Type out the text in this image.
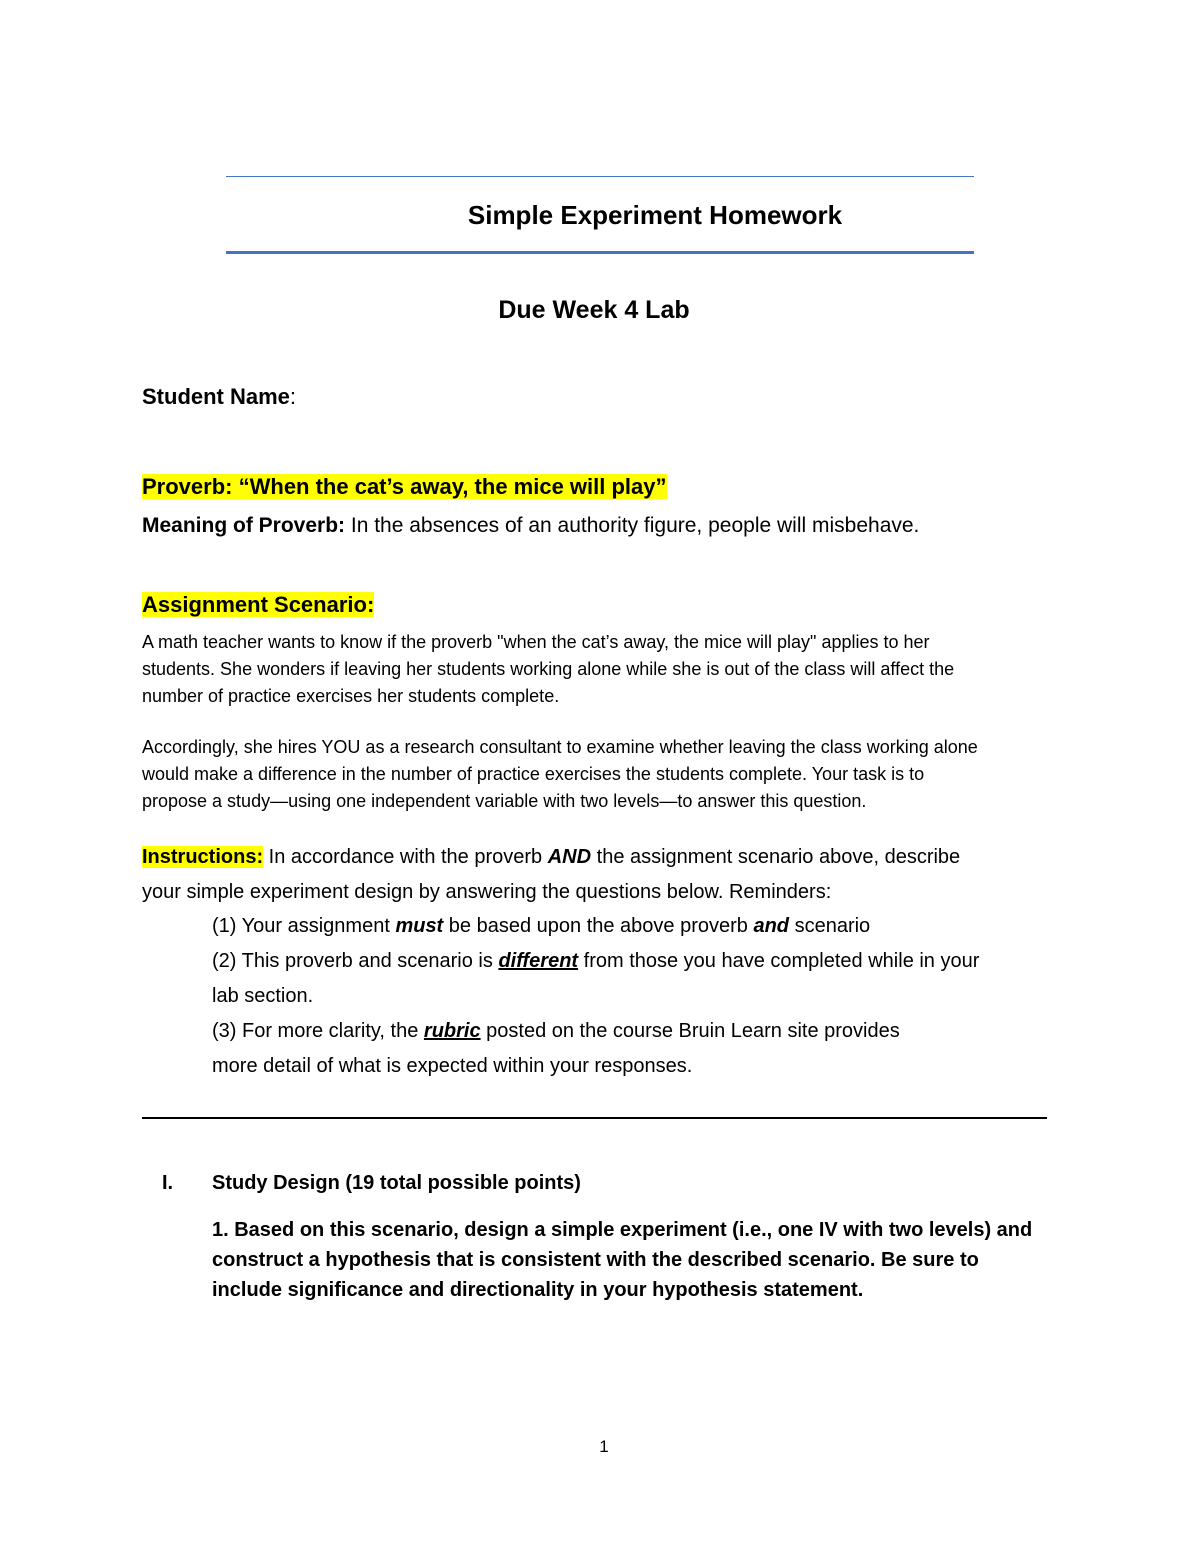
Simple Experiment Homework
Due Week 4 Lab
Student Name:
Proverb: “When the cat’s away, the mice will play”
Meaning of Proverb: In the absences of an authority figure, people will misbehave.
Assignment Scenario:
A math teacher wants to know if the proverb "when the cat’s away, the mice will play" applies to her
students. She wonders if leaving her students working alone while she is out of the class will affect the
number of practice exercises her students complete.
Accordingly, she hires YOU as a research consultant to examine whether leaving the class working alone
would make a difference in the number of practice exercises the students complete. Your task is to
propose a study—using one independent variable with two levels—to answer this question.
Instructions: In accordance with the proverb AND the assignment scenario above, describe
your simple experiment design by answering the questions below. Reminders:
(1) Your assignment must be based upon the above proverb and scenario
(2) This proverb and scenario is different from those you have completed while in your
lab section.
(3) For more clarity, the rubric posted on the course Bruin Learn site provides
more detail of what is expected within your responses.
I. Study Design (19 total possible points)
1. Based on this scenario, design a simple experiment (i.e., one IV with two levels) and
construct a hypothesis that is consistent with the described scenario. Be sure to
include significance and directionality in your hypothesis statement.
1
